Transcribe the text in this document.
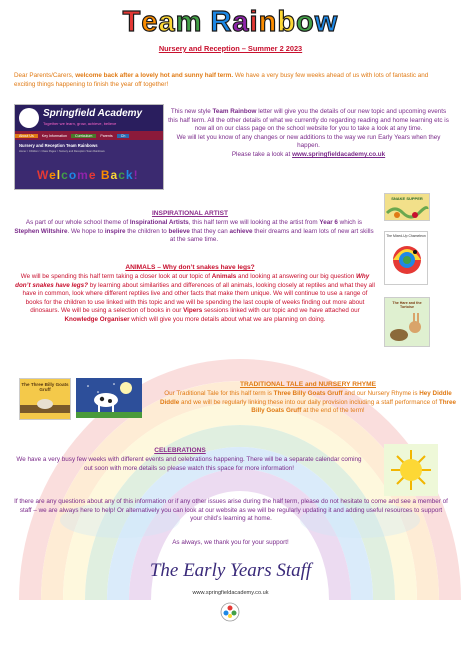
Team Rainbow
Nursery and Reception – Summer 2 2023
Dear Parents/Carers, welcome back after a lovely hot and sunny half term. We have a very busy few weeks ahead of us with lots of fantastic and exciting things happening to finish the year off together!
Springfield Academy
Together we learn, grow, achieve, believe
About Us	Key Information	Curriculum	Parents	Ch
Nursery and Reception Team Rainbows
Home > Children > Class Pages > Nursery and Reception Team Rainbows
Welcome Back!
This new style Team Rainbow letter will give you the details of our new topic and upcoming events this half term. All the other details of what we currently do regarding reading and home learning etc is now all on our class page on the school website for you to take a look at any time.
We will let you know of any changes or new additions to the way we run Early Years when they happen.
Please take a look at www.springfieldacademy.co.uk
SNAKE SUPPER
The Mixed-Up Chameleon
The Hare and the Tortoise
INSPIRATIONAL ARTIST
As part of our whole school theme of Inspirational Artists, this half term we will looking at the artist from Year 6 which is Stephen Wiltshire. We hope to inspire the children to believe that they can achieve their dreams and learn lots of new art skills at the same time.
ANIMALS – Why don’t snakes have legs?
We will be spending this half term taking a closer look at our topic of Animals and looking at answering our big question Why don’t snakes have legs? by learning about similarities and differences of all animals, looking closely at reptiles and what they all have in common, look where different reptiles live and other facts that make them unique. We will continue to use a range of books for the children to use linked with this topic and we will be spending the last couple of weeks finding out more about dinosaurs. We will be using a selection of books in our Vipers sessions linked with our topic and we have attached our Knowledge Organiser which will give you more details about what we are planning on doing.
The Three Billy Goats Gruff
TRADITIONAL TALE and NURSERY RHYME
Our Traditional Tale for this half term is Three Billy Goats Gruff and our Nursery Rhyme is Hey Diddle Diddle and we will be regularly linking these into our daily provision including a staff performance of Three Billy Goats Gruff at the end of the term!
CELEBRATIONS
We have a very busy few weeks with different events and celebrations happening. There will be a separate calendar coming out soon with more details so please watch this space for more information!
If there are any questions about any of this information or if any other issues arise during the half term, please do not hesitate to come and see a member of staff – we are always here to help! Or alternatively you can look at our website as we will be regularly updating it and adding useful resources to support your child’s learning at home.
As always, we thank you for your support!
The Early Years Staff
www.springfieldacademy.co.uk
